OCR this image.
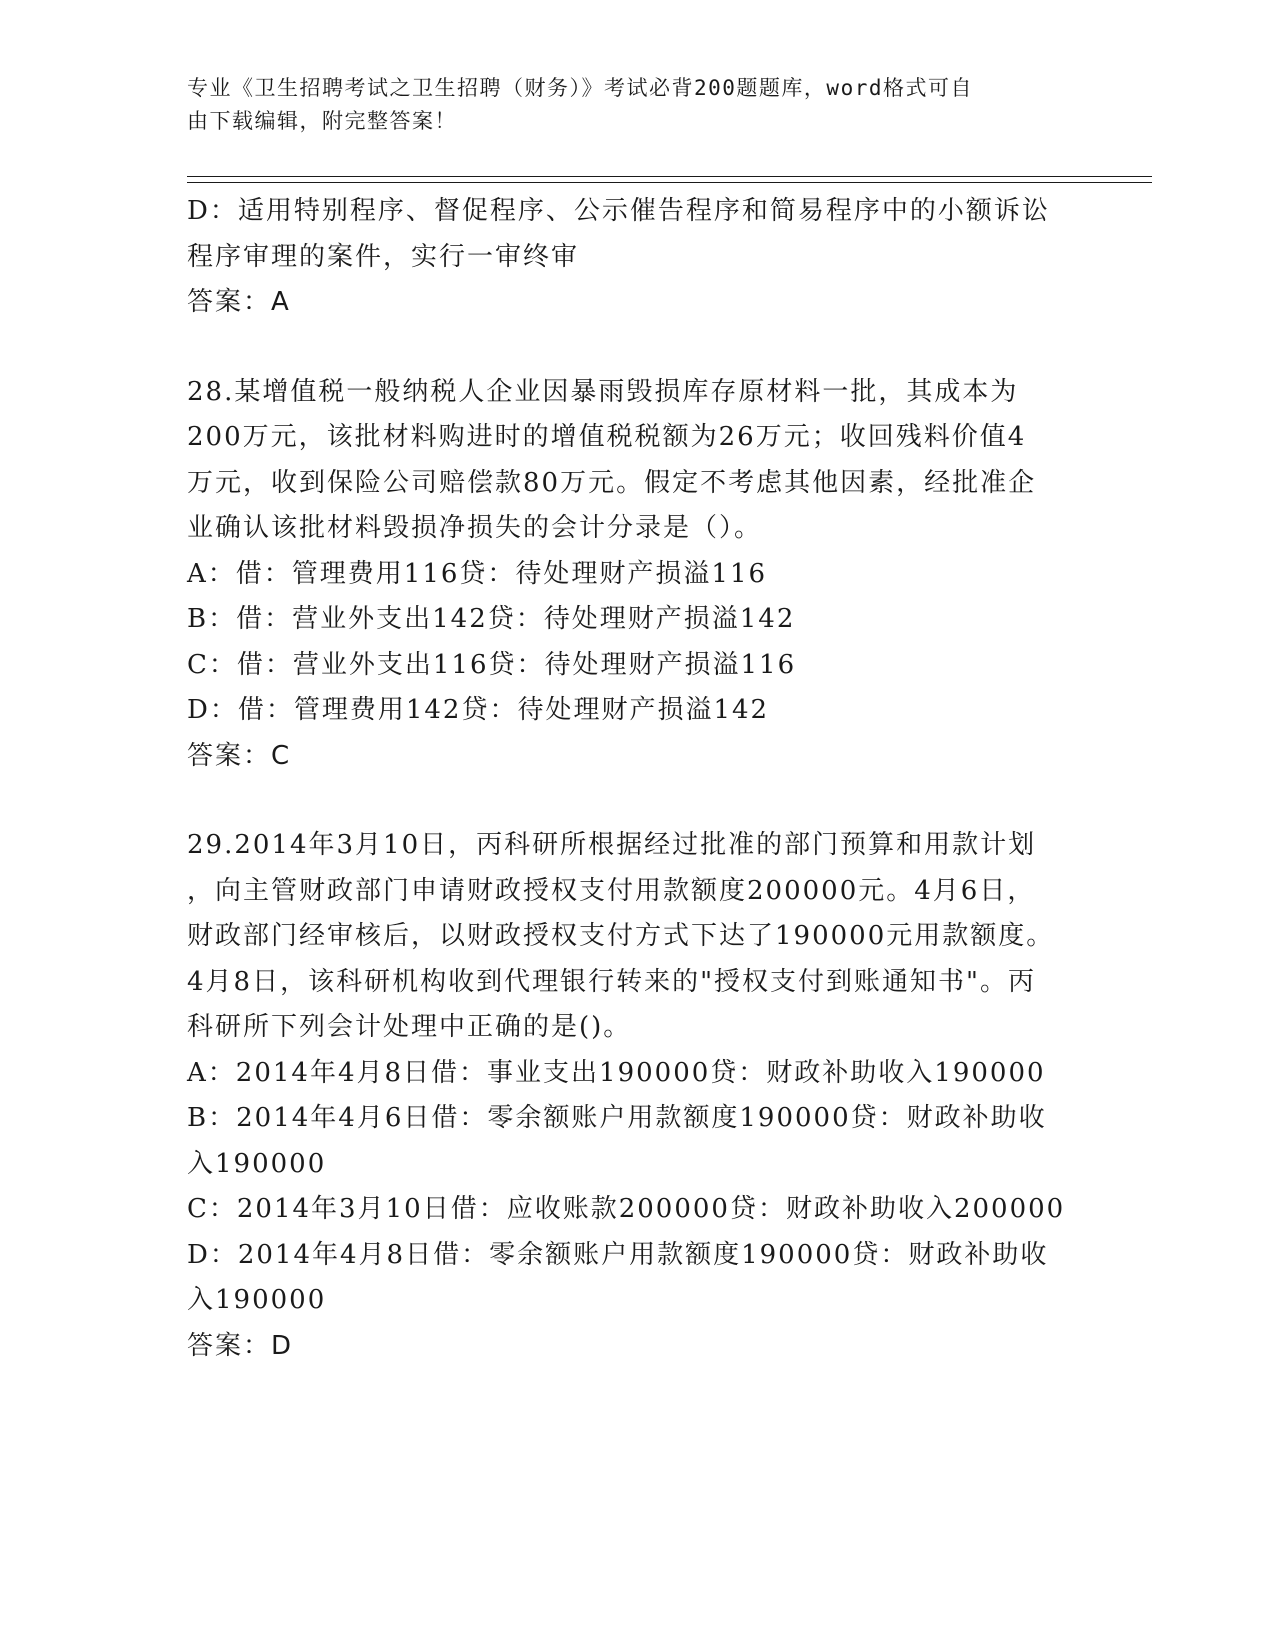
专业《卫生招聘考试之卫生招聘（财务）》考试必背200题题库，word格式可自
由下载编辑，附完整答案！
D：适用特别程序、督促程序、公示催告程序和简易程序中的小额诉讼
程序审理的案件，实行一审终审
答案：A
28.某增值税一般纳税人企业因暴雨毁损库存原材料一批，其成本为
200万元，该批材料购进时的增值税税额为26万元；收回残料价值4
万元，收到保险公司赔偿款80万元。假定不考虑其他因素，经批准企
业确认该批材料毁损净损失的会计分录是（）。
A：借：管理费用116贷：待处理财产损溢116
B：借：营业外支出142贷：待处理财产损溢142
C：借：营业外支出116贷：待处理财产损溢116
D：借：管理费用142贷：待处理财产损溢142
答案：C
29.2014年3月10日，丙科研所根据经过批准的部门预算和用款计划
，向主管财政部门申请财政授权支付用款额度200000元。4月6日，
财政部门经审核后，以财政授权支付方式下达了190000元用款额度。
4月8日，该科研机构收到代理银行转来的"授权支付到账通知书"。丙
科研所下列会计处理中正确的是()。
A：2014年4月8日借：事业支出190000贷：财政补助收入190000
B：2014年4月6日借：零余额账户用款额度190000贷：财政补助收
入190000
C：2014年3月10日借：应收账款200000贷：财政补助收入200000
D：2014年4月8日借：零余额账户用款额度190000贷：财政补助收
入190000
答案：D
